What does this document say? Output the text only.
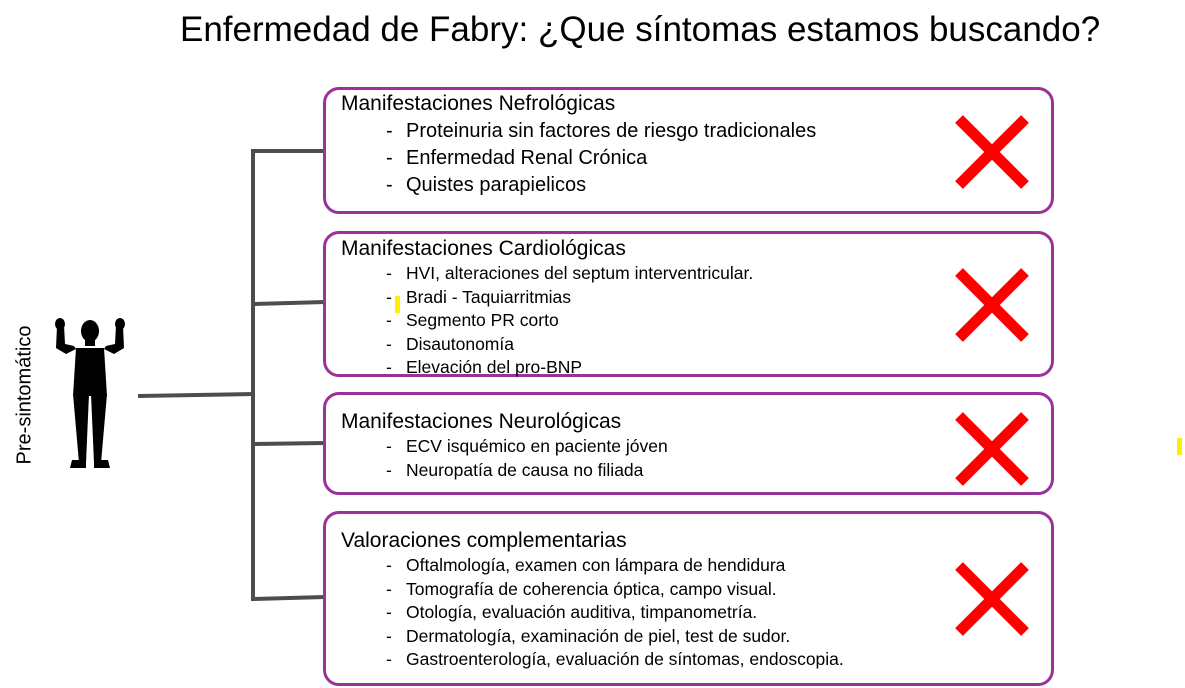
Enfermedad de Fabry: ¿Que síntomas estamos buscando?
Pre-sintomático
Manifestaciones Nefrológicas
- Proteinuria sin factores de riesgo tradicionales
- Enfermedad Renal Crónica
- Quistes parapielicos
Manifestaciones Cardiológicas
- HVI, alteraciones del septum interventricular.
- Bradi - Taquiarritmias
- Segmento PR corto
- Disautonomía
- Elevación del pro-BNP
Manifestaciones Neurológicas
- ECV isquémico en paciente jóven
- Neuropatía de causa no filiada
Valoraciones complementarias
- Oftalmología, examen con lámpara de hendidura
- Tomografía de coherencia óptica, campo visual.
- Otología, evaluación auditiva, timpanometría.
- Dermatología, examinación de piel, test de sudor.
- Gastroenterología, evaluación de síntomas, endoscopia.
